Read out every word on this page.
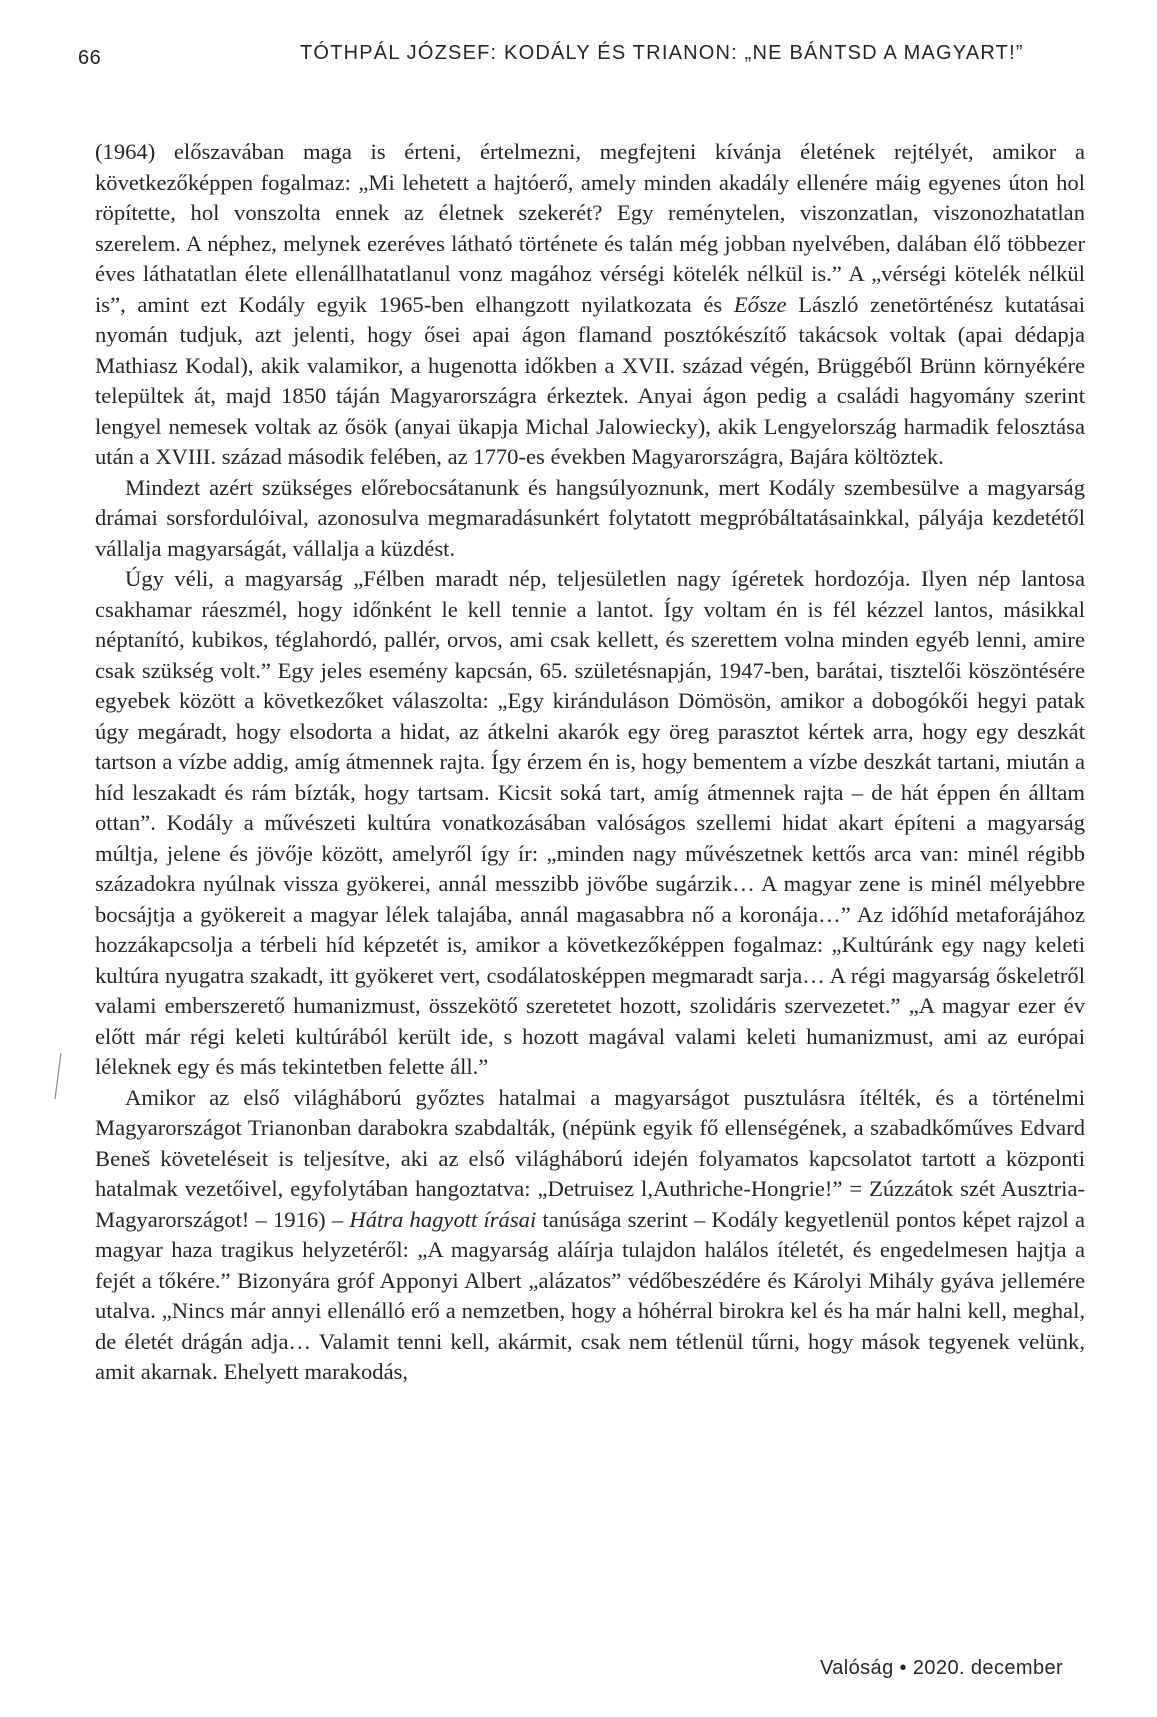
66	TÓTHPÁL JÓZSEF: KODÁLY ÉS TRIANON: „NE BÁNTSD A MAGYART!”

(1964) előszavában maga is érteni, értelmezni, megfejteni kívánja életének rejtélyét, amikor a következőképpen fogalmaz: „Mi lehetett a hajtóerő, amely minden akadály ellenére máig egyenes úton hol röpítette, hol vonszolta ennek az életnek szekerét? Egy reménytelen, viszonzatlan, viszonozhatatlan szerelem. A néphez, melynek ezeréves látható története és talán még jobban nyelvében, dalában élő többezer éves láthatatlan élete ellenállhatatlanul vonz magához vérségi kötelék nélkül is.” A „vérségi kötelék nélkül is”, amint ezt Kodály egyik 1965-ben elhangzott nyilatkozata és Eősze László zenetörténész kutatásai nyomán tudjuk, azt jelenti, hogy ősei apai ágon flamand posztókészítő takácsok voltak (apai dédapja Mathiasz Kodal), akik valamikor, a hugenotta időkben a XVII. század végén, Brüggéből Brünn környékére települtek át, majd 1850 táján Magyarországra érkeztek. Anyai ágon pedig a családi hagyomány szerint lengyel nemesek voltak az ősök (anyai ükapja Michal Jalowiecky), akik Lengyelország harmadik felosztása után a XVIII. század második felében, az 1770-es években Magyarországra, Bajára költöztek.

Mindezt azért szükséges előrebocsátanunk és hangsúlyoznunk, mert Kodály szembesülve a magyarság drámai sorsfordulóival, azonosulva megmaradásunkért folytatott megpróbáltatásainkkal, pályája kezdetétől vállalja magyarságát, vállalja a küzdést.

Úgy véli, a magyarság „Félben maradt nép, teljesületlen nagy ígéretek hordozója. Ilyen nép lantosa csakhamar ráeszmél, hogy időnként le kell tennie a lantot. Így voltam én is fél kézzel lantos, másikkal néptanító, kubikos, téglahordó, pallér, orvos, ami csak kellett, és szerettem volna minden egyéb lenni, amire csak szükség volt.” Egy jeles esemény kapcsán, 65. születésnapján, 1947-ben, barátai, tisztelői köszöntésére egyebek között a következőket válaszolta: „Egy kiránduláson Dömösön, amikor a dobogókői hegyi patak úgy megáradt, hogy elsodorta a hidat, az átkelni akarók egy öreg parasztot kértek arra, hogy egy deszkát tartson a vízbe addig, amíg átmennek rajta. Így érzem én is, hogy bementem a vízbe deszkát tartani, miután a híd leszakadt és rám bízták, hogy tartsam. Kicsit soká tart, amíg átmennek rajta – de hát éppen én álltam ottan”. Kodály a művészeti kultúra vonatkozásában valóságos szellemi hidat akart építeni a magyarság múltja, jelene és jövője között, amelyről így ír: „minden nagy művészetnek kettős arca van: minél régibb századokra nyúlnak vissza gyökerei, annál messzibb jövőbe sugárzik… A magyar zene is minél mélyebbre bocsájtja a gyökereit a magyar lélek talajába, annál magasabbra nő a koronája…” Az időhíd metaforájához hozzákapcsolja a térbeli híd képzetét is, amikor a következőképpen fogalmaz: „Kultúránk egy nagy keleti kultúra nyugatra szakadt, itt gyökeret vert, csodálatosképpen megmaradt sarja… A régi magyarság őskeletről valami emberszerető humanizmust, összekötő szeretetet hozott, szolidáris szervezetet.” „A magyar ezer év előtt már régi keleti kultúrából került ide, s hozott magával valami keleti humanizmust, ami az európai léleknek egy és más tekintetben felette áll.”

Amikor az első világháború győztes hatalmai a magyarságot pusztulásra ítélték, és a történelmi Magyarországot Trianonban darabokra szabdalták, (népünk egyik fő ellenségének, a szabadkőműves Edvard Beneš követeléseit is teljesítve, aki az első világháború idején folyamatos kapcsolatot tartott a központi hatalmak vezetőivel, egyfolytában hangoztatva: „Detruisez l,Authriche-Hongrie!” = Zúzzátok szét Ausztria-Magyarországot! – 1916) – Hátra hagyott írásai tanúsága szerint – Kodály kegyetlenül pontos képet rajzol a magyar haza tragikus helyzetéről: „A magyarság aláírja tulajdon halálos ítéletét, és engedelmesen hajtja a fejét a tőkére.” Bizonyára gróf Apponyi Albert „alázatos” védőbeszédére és Károlyi Mihály gyáva jellemére utalva. „Nincs már annyi ellenálló erő a nemzetben, hogy a hóhérral birokra kel és ha már halni kell, meghal, de életét drágán adja… Valamit tenni kell, akármit, csak nem tétlenül tűrni, hogy mások tegyenek velünk, amit akarnak. Ehelyett marakodás,

Valóság • 2020. december
